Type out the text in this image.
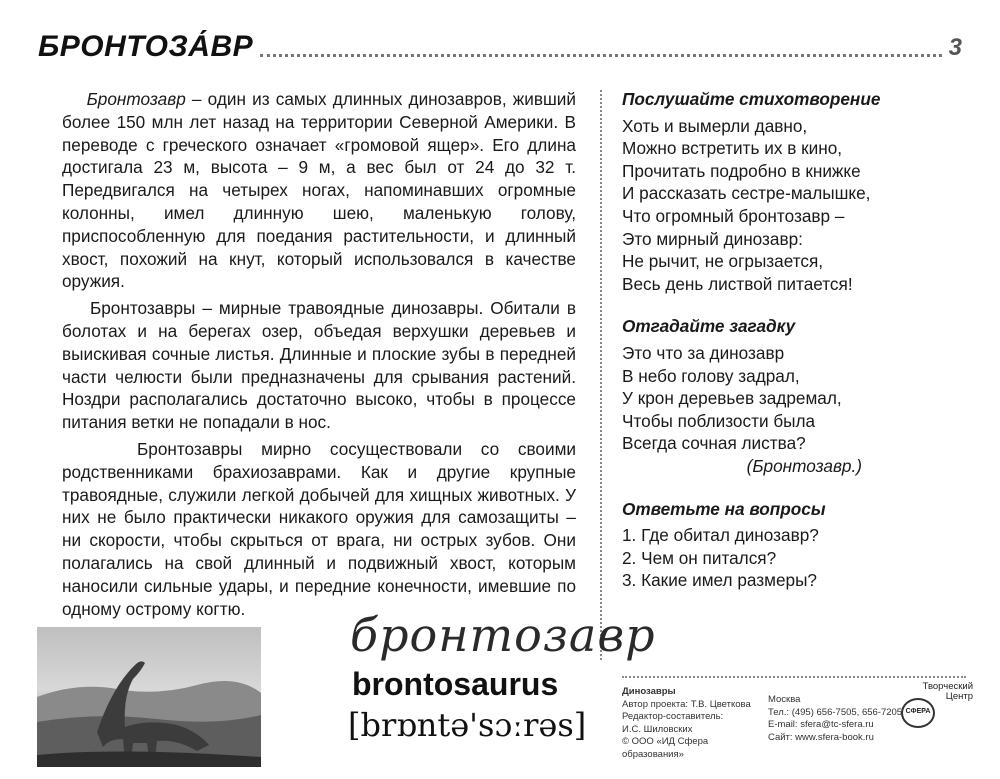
БРОНТОЗА́ВР	3

Бронтозавр – один из самых длинных динозавров, живший более 150 млн лет назад на территории Северной Америки. В переводе с греческого означает «громовой ящер». Его длина достигала 23 м, высота – 9 м, а вес был от 24 до 32 т. Передвигался на четырех ногах, напоминавших огромные колонны, имел длинную шею, маленькую голову, приспособленную для поедания растительности, и длинный хвост, похожий на кнут, который использовался в качестве оружия.

Бронтозавры – мирные травоядные динозавры. Обитали в болотах и на берегах озер, объедая верхушки деревьев и выискивая сочные листья. Длинные и плоские зубы в передней части челюсти были предназначены для срывания растений. Ноздри располагались достаточно высоко, чтобы в процессе питания ветки не попадали в нос.

Бронтозавры мирно сосуществовали со своими родственниками брахиозаврами. Как и другие крупные травоядные, служили легкой добычей для хищных животных. У них не было практически никакого оружия для самозащиты – ни скорости, чтобы скрыться от врага, ни острых зубов. Они полагались на свой длинный и подвижный хвост, которым наносили сильные удары, и передние конечности, имевшие по одному острому когтю.

Послушайте стихотворение
Хоть и вымерли давно,
Можно встретить их в кино,
Прочитать подробно в книжке
И рассказать сестре-малышке,
Что огромный бронтозавр –
Это мирный динозавр:
Не рычит, не огрызается,
Весь день листвой питается!
Отгадайте загадку
Это что за динозавр
В небо голову задрал,
У крон деревьев задремал,
Чтобы поблизости была
Всегда сочная листва?
(Бронтозавр.)
Ответьте на вопросы
1. Где обитал динозавр?
2. Чем он питался?
3. Какие имел размеры?
бронтозавр
brontosaurus
[brɒntə'sɔːrəs]
Динозавры
Автор проекта: Т.В. Цветкова
Редактор-составитель:
И.С. Шиловских
© ООО «ИД Сфера образования»
Москва
Тел.: (495) 656-7505, 656-7205
E-mail: sfera@tc-sfera.ru
Сайт: www.sfera-book.ru
Творческий
Центр
СФЕРА
